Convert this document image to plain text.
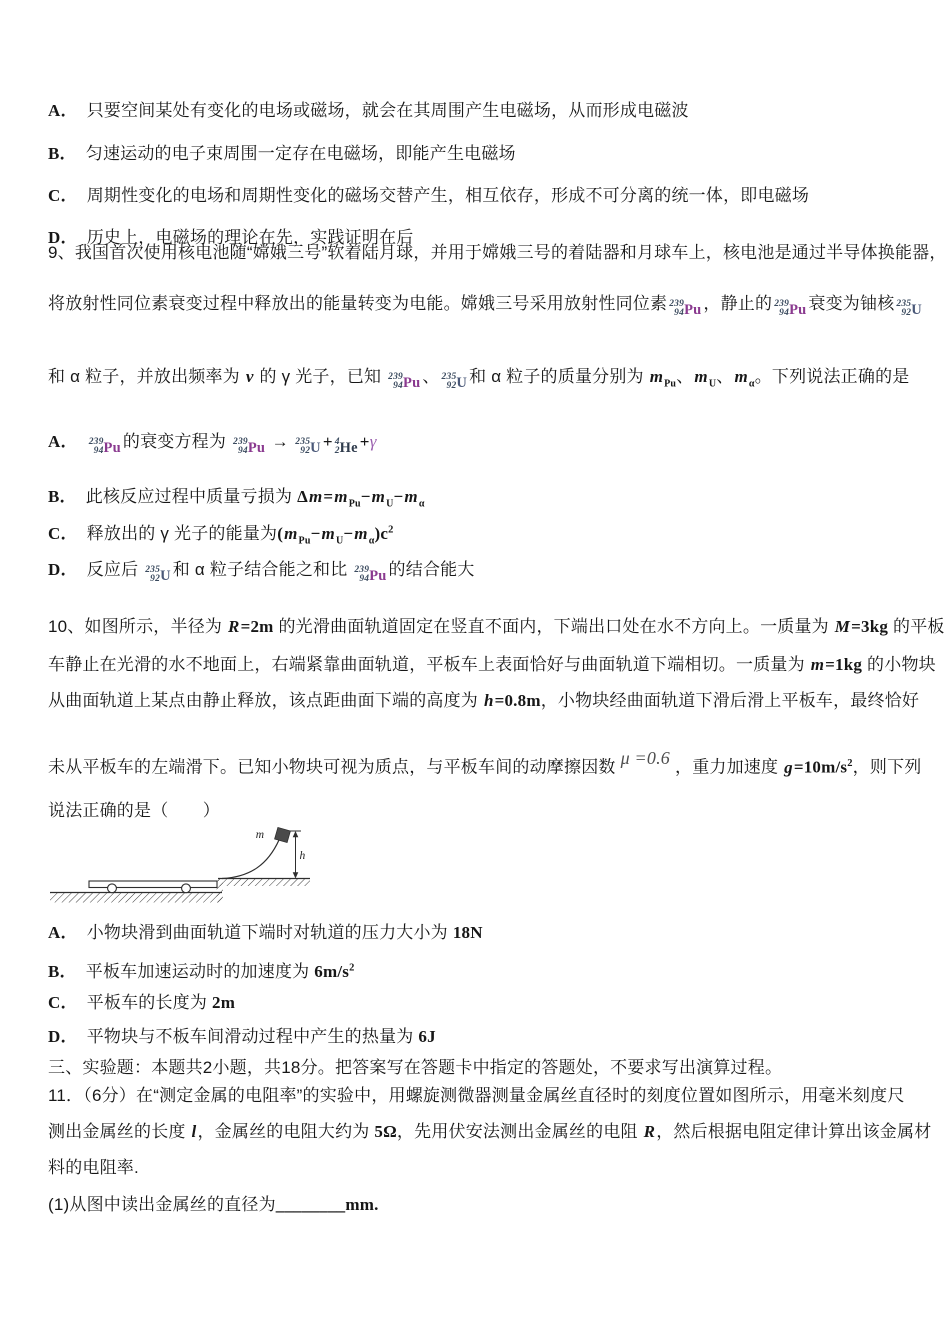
A． 只要空间某处有变化的电场或磁场，就会在其周围产生电磁场，从而形成电磁波
B． 匀速运动的电子束周围一定存在电磁场，即能产生电磁场
C． 周期性变化的电场和周期性变化的磁场交替产生，相互依存，形成不可分离的统一体，即电磁场
D． 历史上，电磁场的理论在先，实践证明在后
9、我国首次使用核电池随“嫦娥三号”软着陆月球，并用于嫦娥三号的着陆器和月球车上，核电池是通过半导体换能器，
将放射性同位素衰变过程中释放出的能量转变为电能。嫦娥三号采用放射性同位素 239
94 Pu ，静止的 239
94 Pu 衰变为铀核 235
92 U
和 α 粒子，并放出频率为 v 的 γ 光子，已知 239
94 Pu 、 235
92 U 和 α 粒子的质量分别为 $m_{Pu}$、$m_U$、$m_\alpha$。下列说法正确的是
A． 239
94 Pu 的衰变方程为 239
94 Pu → 235
92 U + 4
2 He +γ
B． 此核反应过程中质量亏损为 $\Delta m=m_{Pu}-m_U-m_\alpha$
C． 释放出的 γ 光子的能量为$(m_{Pu}-m_U-m_\alpha)c^2$
D． 反应后 235
92 U 和 α 粒子结合能之和比 239
94 Pu 的结合能大
10、如图所示，半径为 R=2m 的光滑曲面轨道固定在竖直不面内，下端出口处在水不方向上。一质量为 M=3kg 的平板
车静止在光滑的水不地面上，右端紧靠曲面轨道，平板车上表面恰好与曲面轨道下端相切。一质量为 m=1kg 的小物块
从曲面轨道上某点由静止释放，该点距曲面下端的高度为 h=0.8m，小物块经曲面轨道下滑后滑上平板车，最终恰好
未从平板车的左端滑下。已知小物块可视为质点，与平板车间的动摩擦因数 μ =0.6 ，重力加速度 $g=10m/s^2$，则下列
说法正确的是（　　）
m
h
A． 小物块滑到曲面轨道下端时对轨道的压力大小为 18N
B． 平板车加速运动时的加速度为 $6m/s^2$
C． 平板车的长度为 2m
D． 平物块与不板车间滑动过程中产生的热量为 6J
三、实验题：本题共2小题，共18分。把答案写在答题卡中指定的答题处，不要求写出演算过程。
11．（6分）在“测定金属的电阻率”的实验中，用螺旋测微器测量金属丝直径时的刻度位置如图所示，用毫米刻度尺
测出金属丝的长度 l，金属丝的电阻大约为 5Ω，先用伏安法测出金属丝的电阻 R，然后根据电阻定律计算出该金属材
料的电阻率.
(1)从图中读出金属丝的直径为________mm.
